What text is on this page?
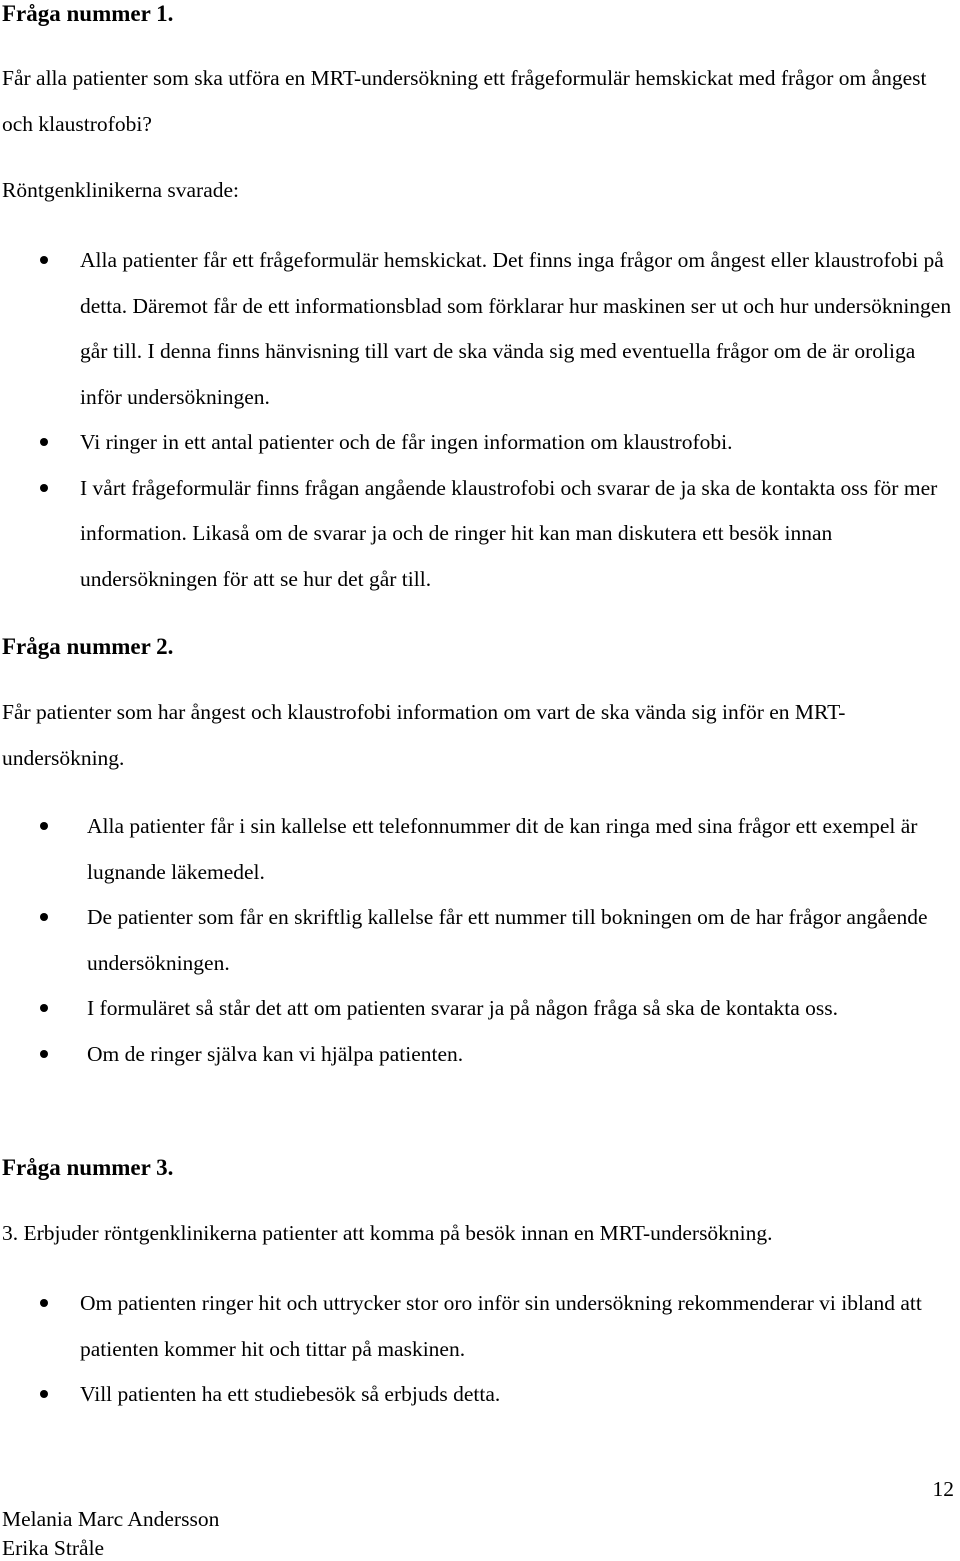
Fråga nummer 1.

Får alla patienter som ska utföra en MRT-undersökning ett frågeformulär hemskickat med frågor om ångest och klaustrofobi?

Röntgenklinikerna svarade:
Alla patienter får ett frågeformulär hemskickat. Det finns inga frågor om ångest eller klaustrofobi på detta. Däremot får de ett informationsblad som förklarar hur maskinen ser ut och hur undersökningen går till. I denna finns hänvisning till vart de ska vända sig med eventuella frågor om de är oroliga inför undersökningen.
Vi ringer in ett antal patienter och de får ingen information om klaustrofobi.
I vårt frågeformulär finns frågan angående klaustrofobi och svarar de ja ska de kontakta oss för mer information. Likaså om de svarar ja och de ringer hit kan man diskutera ett besök innan undersökningen för att se hur det går till.
Fråga nummer 2.

Får patienter som har ångest och klaustrofobi information om vart de ska vända sig inför en MRT-undersökning.

Alla patienter får i sin kallelse ett telefonnummer dit de kan ringa med sina frågor ett exempel är lugnande läkemedel.
De patienter som får en skriftlig kallelse får ett nummer till bokningen om de har frågor angående undersökningen.
I formuläret så står det att om patienten svarar ja på någon fråga så ska de kontakta oss.
Om de ringer själva kan vi hjälpa patienten.
Fråga nummer 3.
3. Erbjuder röntgenklinikerna patienter att komma på besök innan en MRT-undersökning.
Om patienten ringer hit och uttrycker stor oro inför sin undersökning rekommenderar vi ibland att patienten kommer hit och tittar på maskinen.
Vill patienten ha ett studiebesök så erbjuds detta.
12
Melania Marc Andersson
Erika Stråle
